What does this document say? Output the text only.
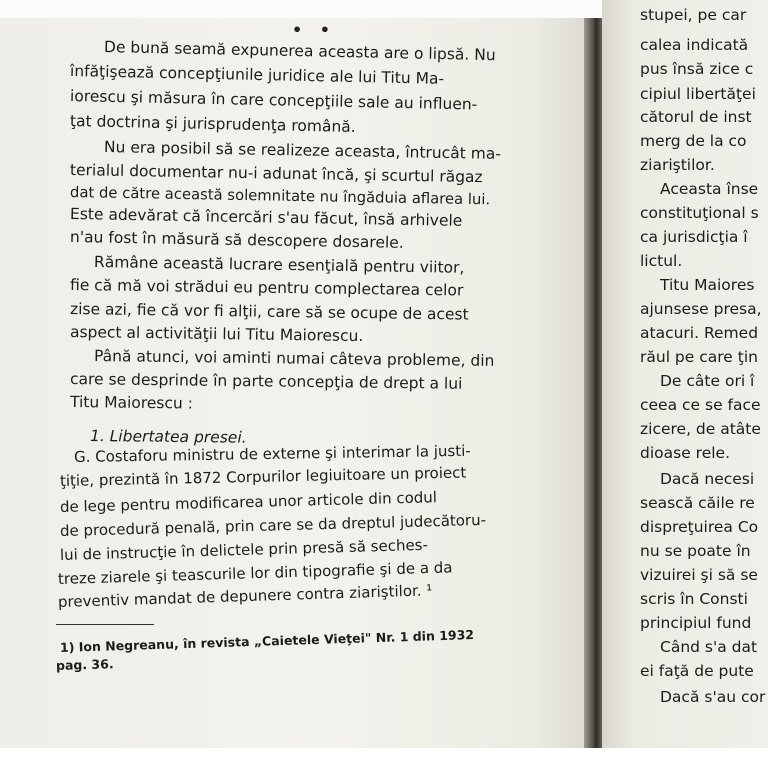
• •
De bună seamă expunerea aceasta are o lipsă. Nu
înfăţişează concepţiunile juridice ale lui Titu Ma-
iorescu şi măsura în care concepţiile sale au influen-
ţat doctrina şi jurisprudenţa română.
Nu era posibil să se realizeze aceasta, întrucât ma-
terialul documentar nu-i adunat încă, şi scurtul răgaz
dat de către această solemnitate nu îngăduia aflarea lui.
Este adevărat că încercări s'au făcut, însă arhivele
n'au fost în măsură să descopere dosarele.
Rămâne această lucrare esenţială pentru viitor,
fie că mă voi strădui eu pentru complectarea celor
zise azi, fie că vor fi alţii, care să se ocupe de acest
aspect al activităţii lui Titu Maiorescu.
Până atunci, voi aminti numai câteva probleme, din
care se desprinde în parte concepţia de drept a lui
Titu Maiorescu :
1. Libertatea presei.
G. Costaforu ministru de externe şi interimar la justi-
ţiţie, prezintă în 1872 Corpurilor legiuitoare un proiect
de lege pentru modificarea unor articole din codul
de procedură penală, prin care se da dreptul judecătoru-
lui de instrucţie în delictele prin presă să seches-
treze ziarele şi teascurile lor din tipografie şi de a da
preventiv mandat de depunere contra ziariştilor. ¹
1) Ion Negreanu, în revista „Caietele Vieţei" Nr. 1 din 1932
pag. 36.
stupei, pe car
calea indicată
pus însă zice c
cipiul libertăţei
cătorul de inst
merg de la co
ziariştilor.
Aceasta înse
constituţional s
ca jurisdicţia î
lictul.
Titu Maiores
ajunsese presa,
atacuri. Remed
răul pe care ţin
De câte ori î
ceea ce se face
zicere, de atâte
dioase rele.
Dacă necesi
sească căile re
dispreţuirea Co
nu se poate în
vizuirei şi să se
scris în Consti
principiul fund
Când s'a dat
ei faţă de pute
Dacă s'au cor
